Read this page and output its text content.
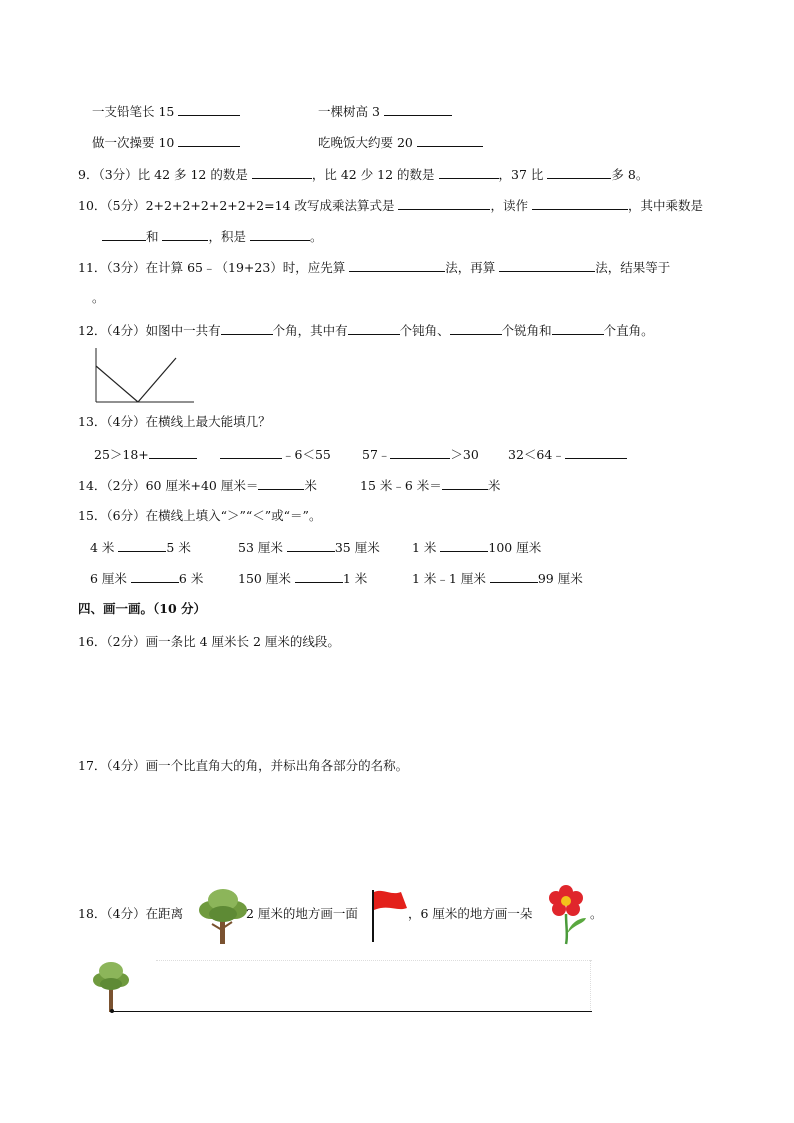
一支铅笔长 15	一棵树高 3
做一次操要 10	吃晚饭大约要 20
9．（3分）比 42 多 12 的数是	，比 42 少 12 的数是	，37 比	多 8。
10．（5分）2+2+2+2+2+2+2=14 改写成乘法算式是	，读作	，其中乘数是
和	，积是	。
11．（3分）在计算 65﹣（19+23）时，应先算	法，再算	法，结果等于
。
12．（4分）如图中一共有	个角，其中有	个钝角、	个锐角和	个直角。
13．（4分）在横线上最大能填几？
25＞18+	﹣6＜55 57﹣	＞30 32＜64﹣
14．（2分）60 厘米+40 厘米＝	米	15 米﹣6 米＝	米
15．（6分）在横线上填入“＞”“＜”或“＝”。
4 米	5 米	53 厘米	35 厘米	1 米	100 厘米
6 厘米	6 米	150 厘米	1 米	1 米﹣1 厘米	99 厘米
四、画一画。（10 分）
16．（2分）画一条比 4 厘米长 2 厘米的线段。
17．（4分）画一个比直角大的角，并标出角各部分的名称。
18．（4分）在距离	2 厘米的地方画一面	，6 厘米的地方画一朵	。
